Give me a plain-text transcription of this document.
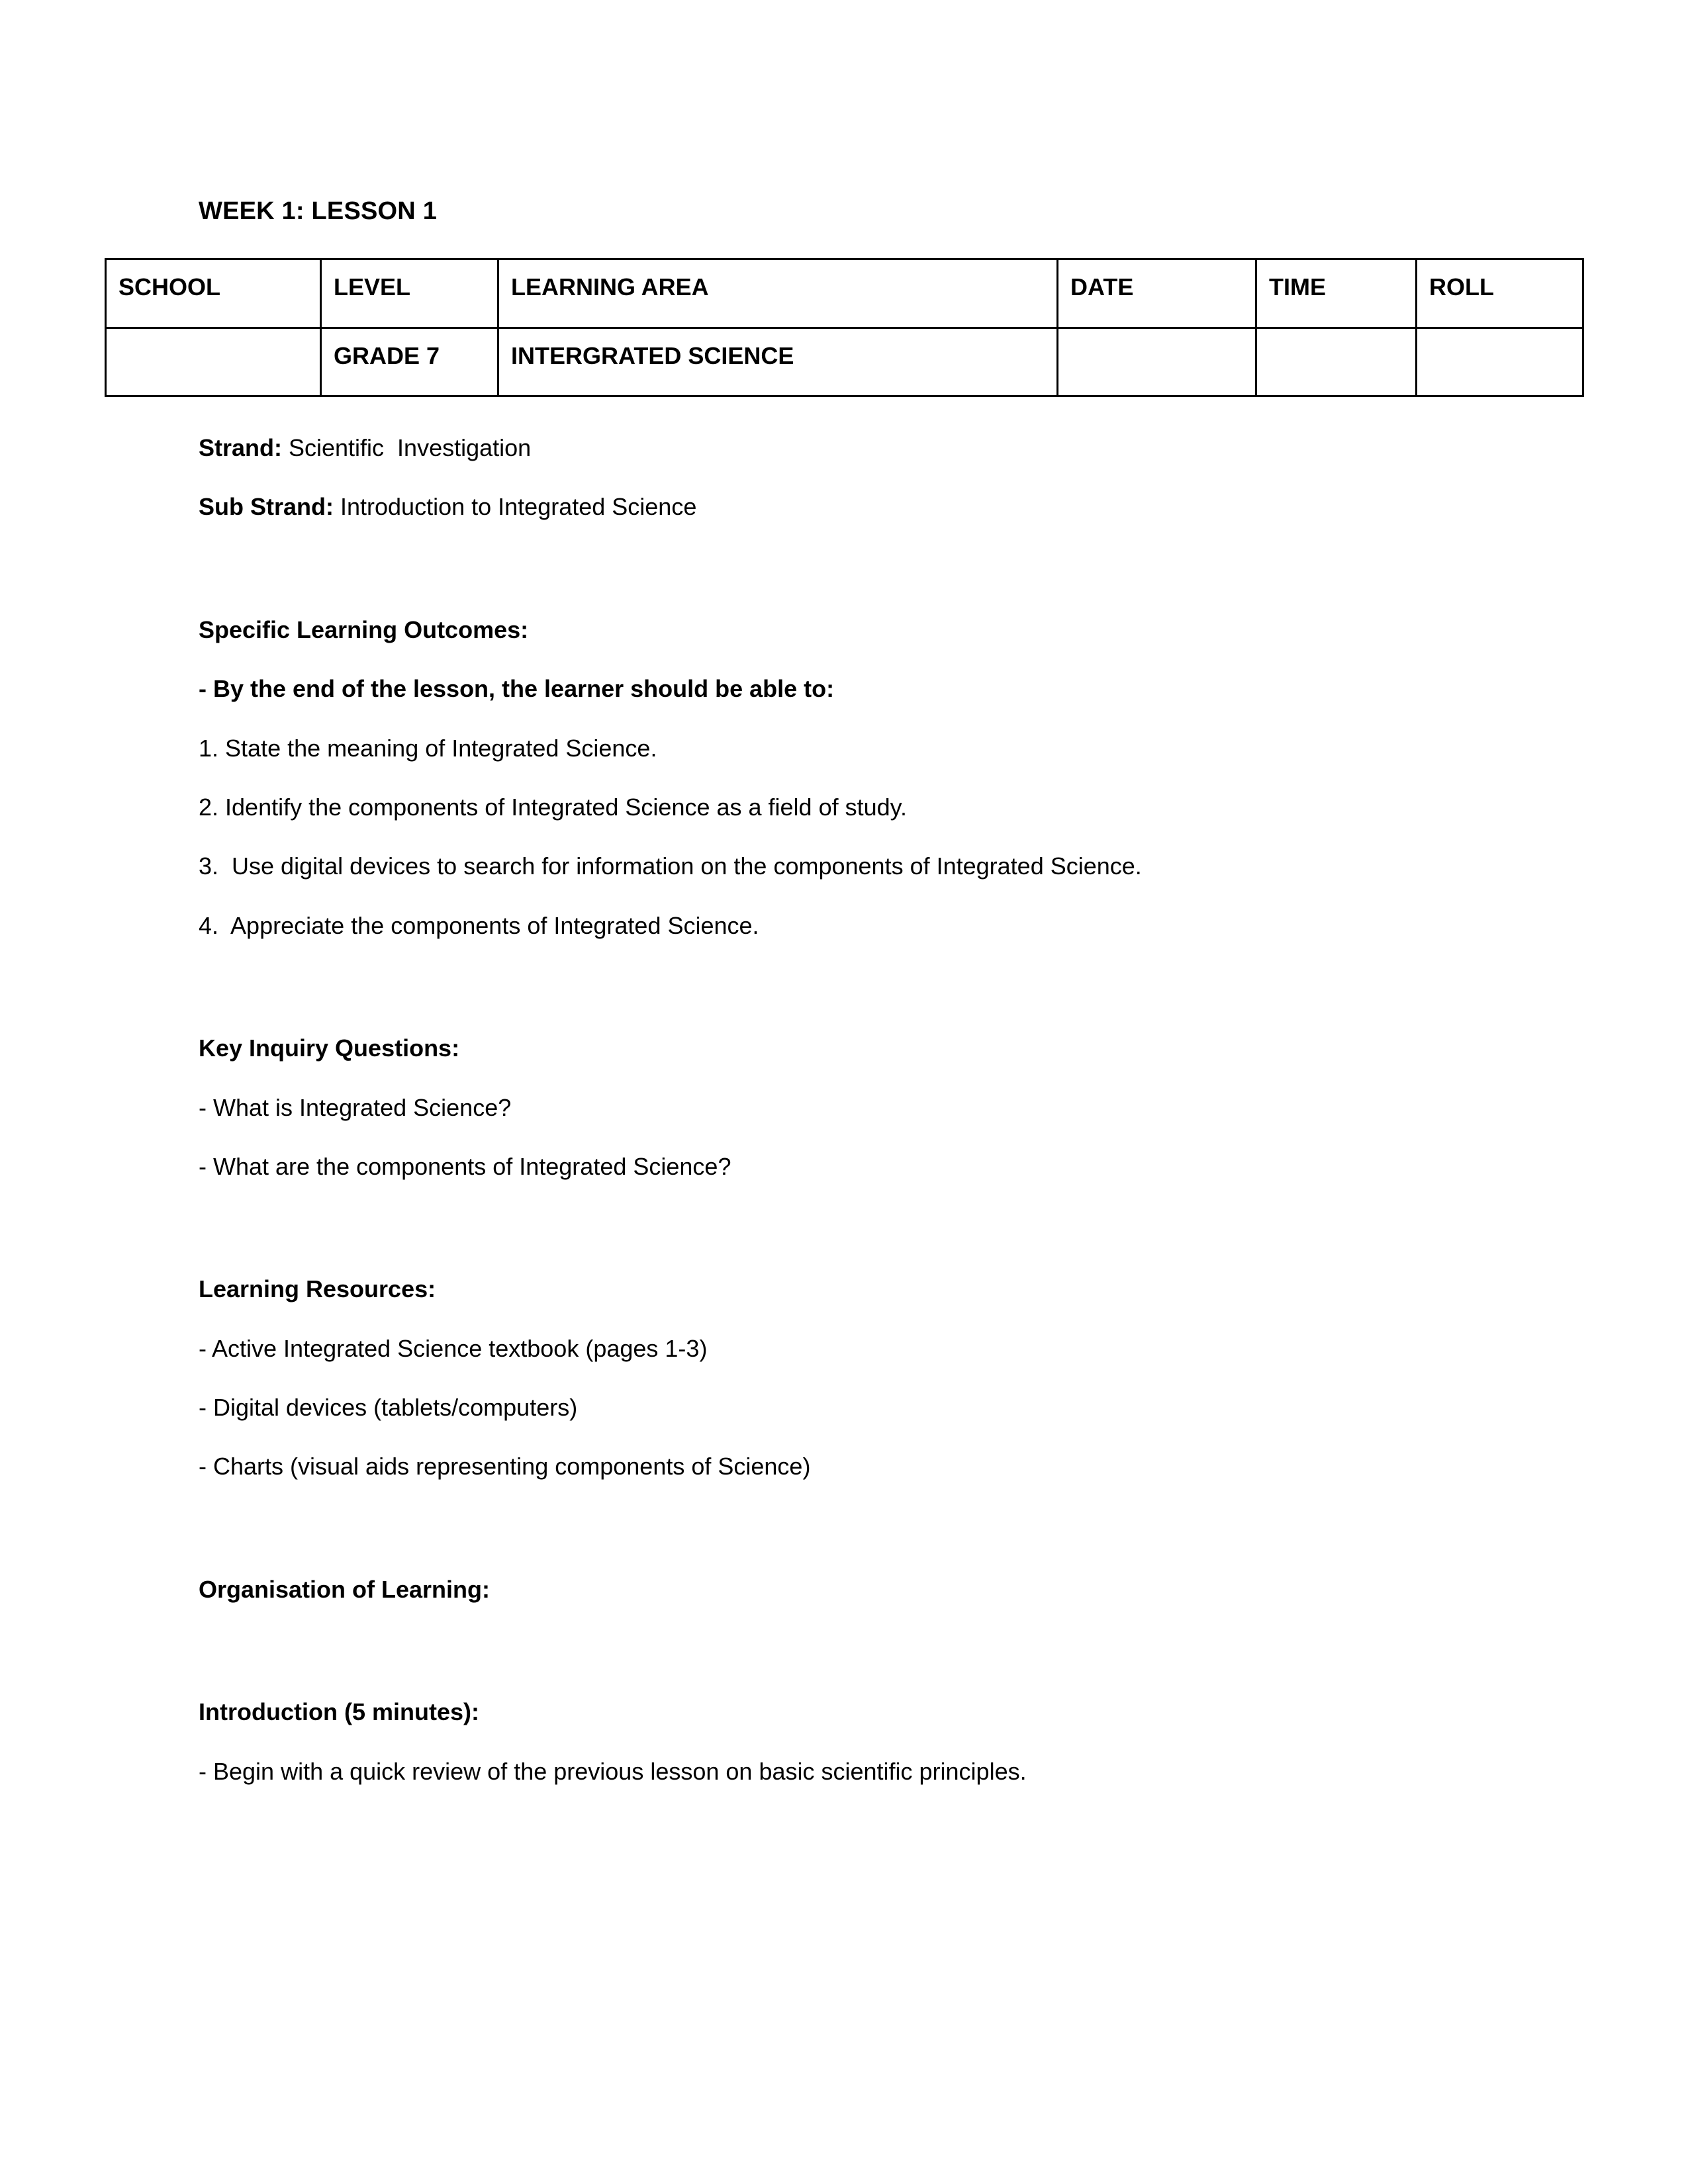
WEEK 1: LESSON 1
SCHOOL	LEVEL	LEARNING AREA	DATE	TIME	ROLL
	GRADE 7	INTERGRATED SCIENCE			

Strand: Scientific  Investigation

Sub Strand: Introduction to Integrated Science

Specific Learning Outcomes:

- By the end of the lesson, the learner should be able to:

1. State the meaning of Integrated Science.

2. Identify the components of Integrated Science as a field of study.

3.  Use digital devices to search for information on the components of Integrated Science.

4.  Appreciate the components of Integrated Science.

Key Inquiry Questions:

- What is Integrated Science?

- What are the components of Integrated Science?

Learning Resources:

- Active Integrated Science textbook (pages 1-3)

- Digital devices (tablets/computers)

- Charts (visual aids representing components of Science)

Organisation of Learning:

Introduction (5 minutes):

- Begin with a quick review of the previous lesson on basic scientific principles.
